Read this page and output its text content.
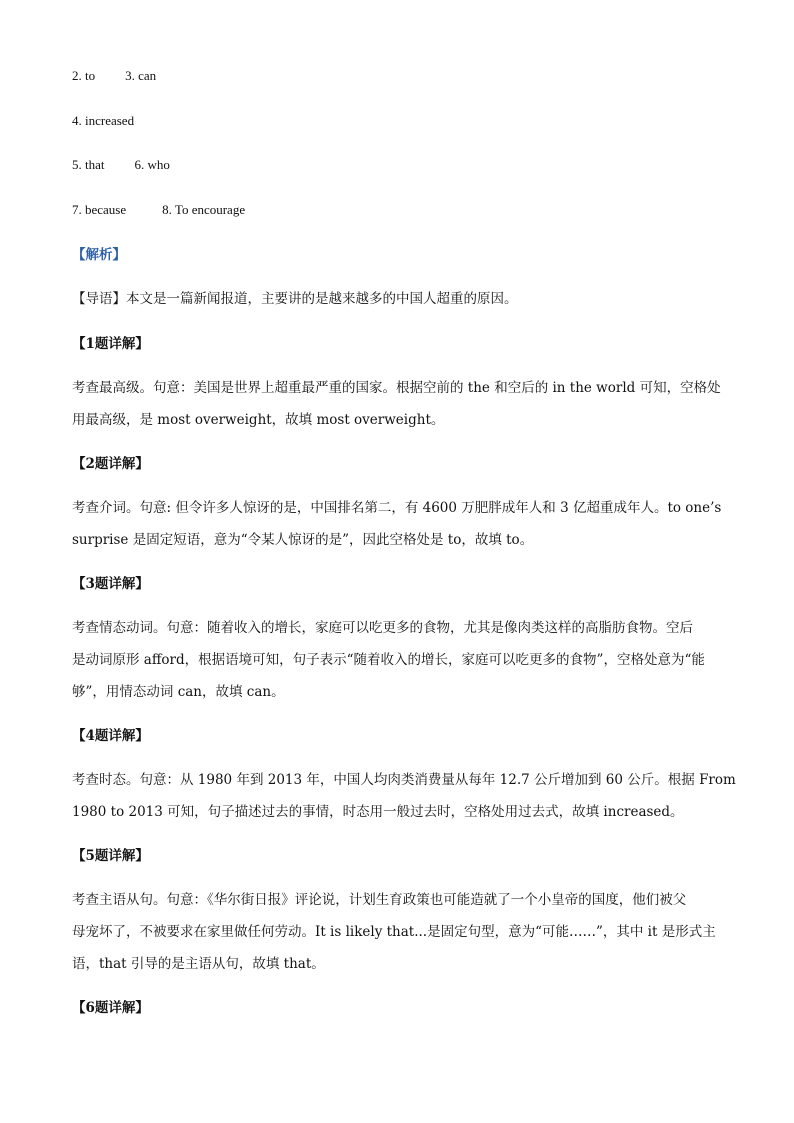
2. to 3. can
4. increased
5. that 6. who
7. because	8. To encourage
【解析】
【导语】本文是一篇新闻报道，主要讲的是越来越多的中国人超重的原因。
【1题详解】
考查最高级。句意：美国是世界上超重最严重的国家。根据空前的 the 和空后的 in the world 可知，空格处
用最高级，是 most overweight，故填 most overweight。
【2题详解】
考查介词。句意: 但令许多人惊讶的是，中国排名第二，有 4600 万肥胖成年人和 3 亿超重成年人。to one’s
surprise 是固定短语，意为“令某人惊讶的是”，因此空格处是 to，故填 to。
【3题详解】
考查情态动词。句意：随着收入的增长，家庭可以吃更多的食物，尤其是像肉类这样的高脂肪食物。空后
是动词原形 afford，根据语境可知，句子表示“随着收入的增长，家庭可以吃更多的食物”，空格处意为“能
够”，用情态动词 can，故填 can。
【4题详解】
考查时态。句意：从 1980 年到 2013 年，中国人均肉类消费量从每年 12.7 公斤增加到 60 公斤。根据 From
1980 to 2013 可知，句子描述过去的事情，时态用一般过去时，空格处用过去式，故填 increased。
【5题详解】
考查主语从句。句意：《华尔街日报》评论说，计划生育政策也可能造就了一个小皇帝的国度，他们被父
母宠坏了，不被要求在家里做任何劳动。It is likely that...是固定句型，意为“可能……”，其中 it 是形式主
语，that 引导的是主语从句，故填 that。
【6题详解】
